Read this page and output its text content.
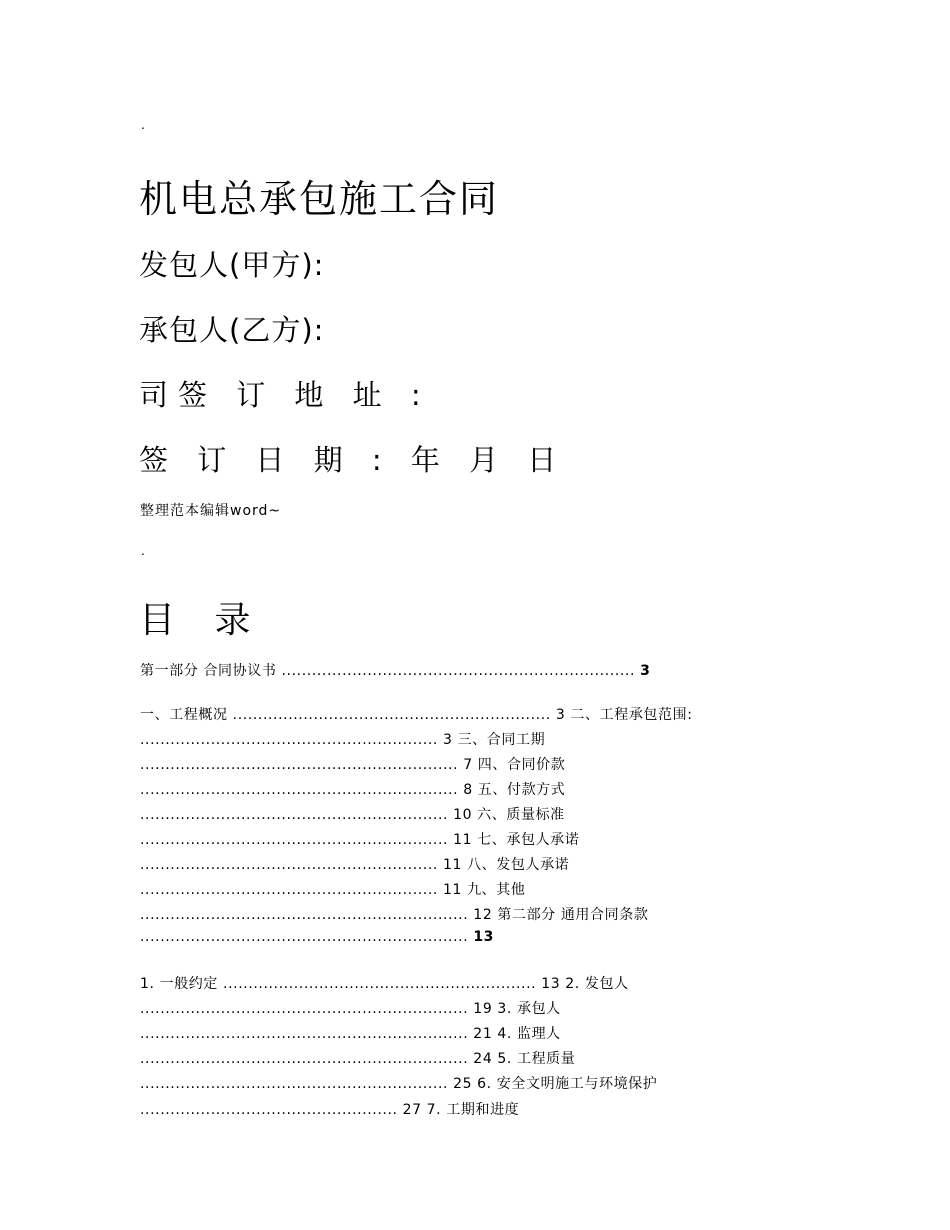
.
机电总承包施工合同
发包人(甲方):
承包人(乙方):
司签 订 地 址 :
签 订 日 期 : 年 月 日
整理范本编辑word~
.
目 录
第一部分 合同协议书 ...................................................................... 3
一、工程概况 ............................................................... 3 二、工程承包范围:
........................................................... 3 三、合同工期
............................................................... 7 四、合同价款
............................................................... 8 五、付款方式
............................................................. 10 六、质量标准
............................................................. 11 七、承包人承诺
........................................................... 11 八、发包人承诺
........................................................... 11 九、其他
................................................................. 12 第二部分 通用合同条款
................................................................. 13
1. 一般约定 .............................................................. 13 2. 发包人
................................................................. 19 3. 承包人
................................................................. 21 4. 监理人
................................................................. 24 5. 工程质量
............................................................. 25 6. 安全文明施工与环境保护
................................................... 27 7. 工期和进度
